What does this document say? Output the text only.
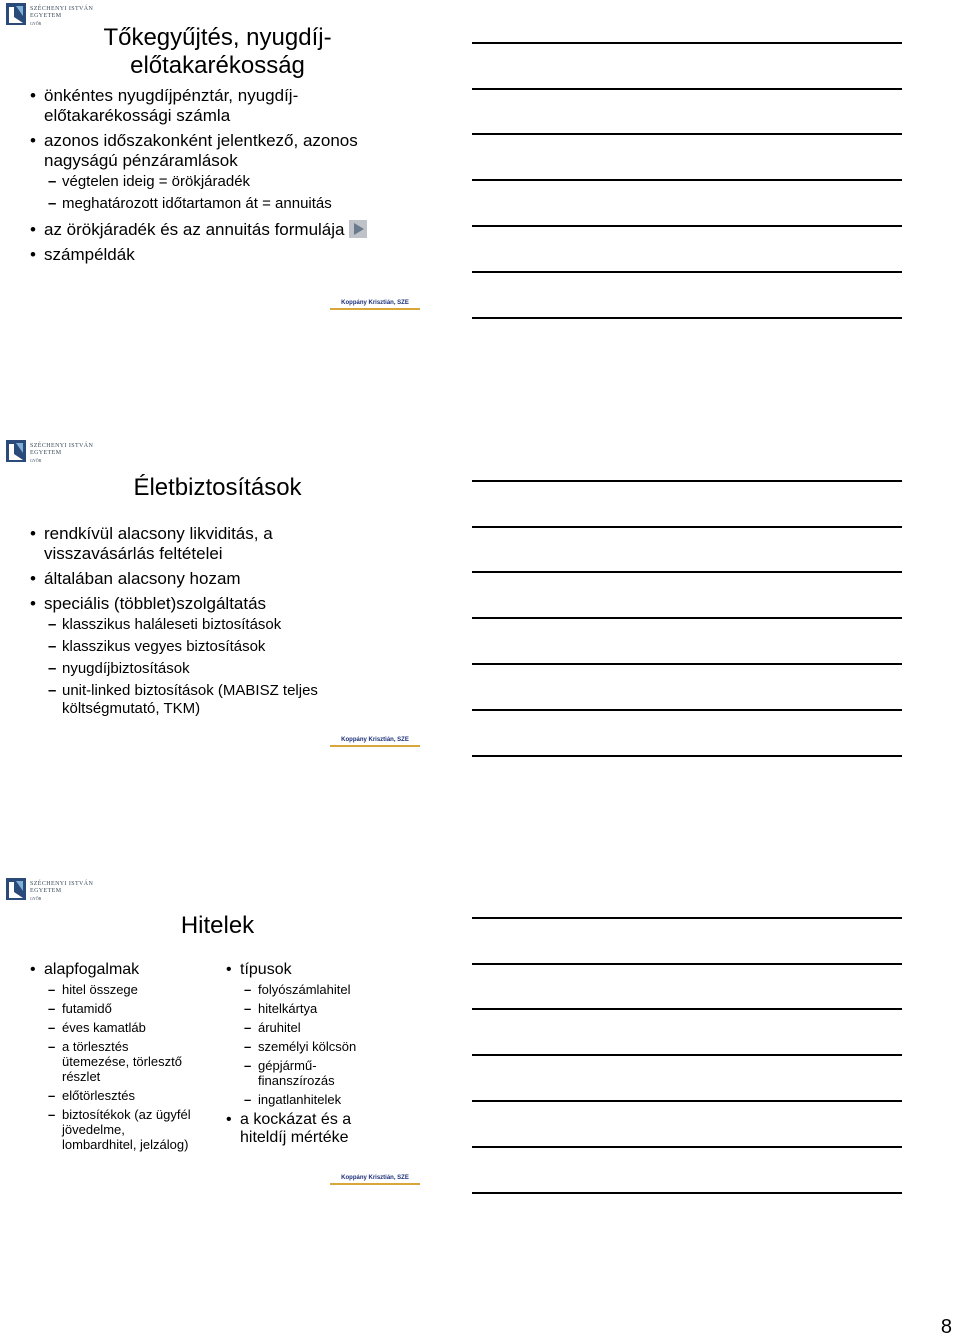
SZÉCHENYI ISTVÁN
EGYETEM
GYŐR
Tőkegyűjtés, nyugdíj-
előtakarékosság
• önkéntes nyugdíjpénztár, nyugdíj-
előtakarékossági számla
• azonos időszakonként jelentkező, azonos
nagyságú pénzáramlások
– végtelen ideig = örökjáradék
– meghatározott időtartamon át = annuitás
• az örökjáradék és az annuitás formulája
• számpéldák
Koppány Krisztián, SZE
SZÉCHENYI ISTVÁN
EGYETEM
GYŐR
Életbiztosítások
• rendkívül alacsony likviditás, a
visszavásárlás feltételei
• általában alacsony hozam
• speciális (többlet)szolgáltatás
– klasszikus haláleseti biztosítások
– klasszikus vegyes biztosítások
– nyugdíjbiztosítások
– unit-linked biztosítások (MABISZ teljes
költségmutató, TKM)
Koppány Krisztián, SZE
SZÉCHENYI ISTVÁN
EGYETEM
GYŐR
Hitelek
• alapfogalmak
– hitel összege
– futamidő
– éves kamatláb
– a törlesztés
ütemezése, törlesztő
részlet
– előtörlesztés
– biztosítékok (az ügyfél
jövedelme,
lombardhitel, jelzálog)
• típusok
– folyószámlahitel
– hitelkártya
– áruhitel
– személyi kölcsön
– gépjármű-
finanszírozás
– ingatlanhitelek
• a kockázat és a
hiteldíj mértéke
Koppány Krisztián, SZE
8
